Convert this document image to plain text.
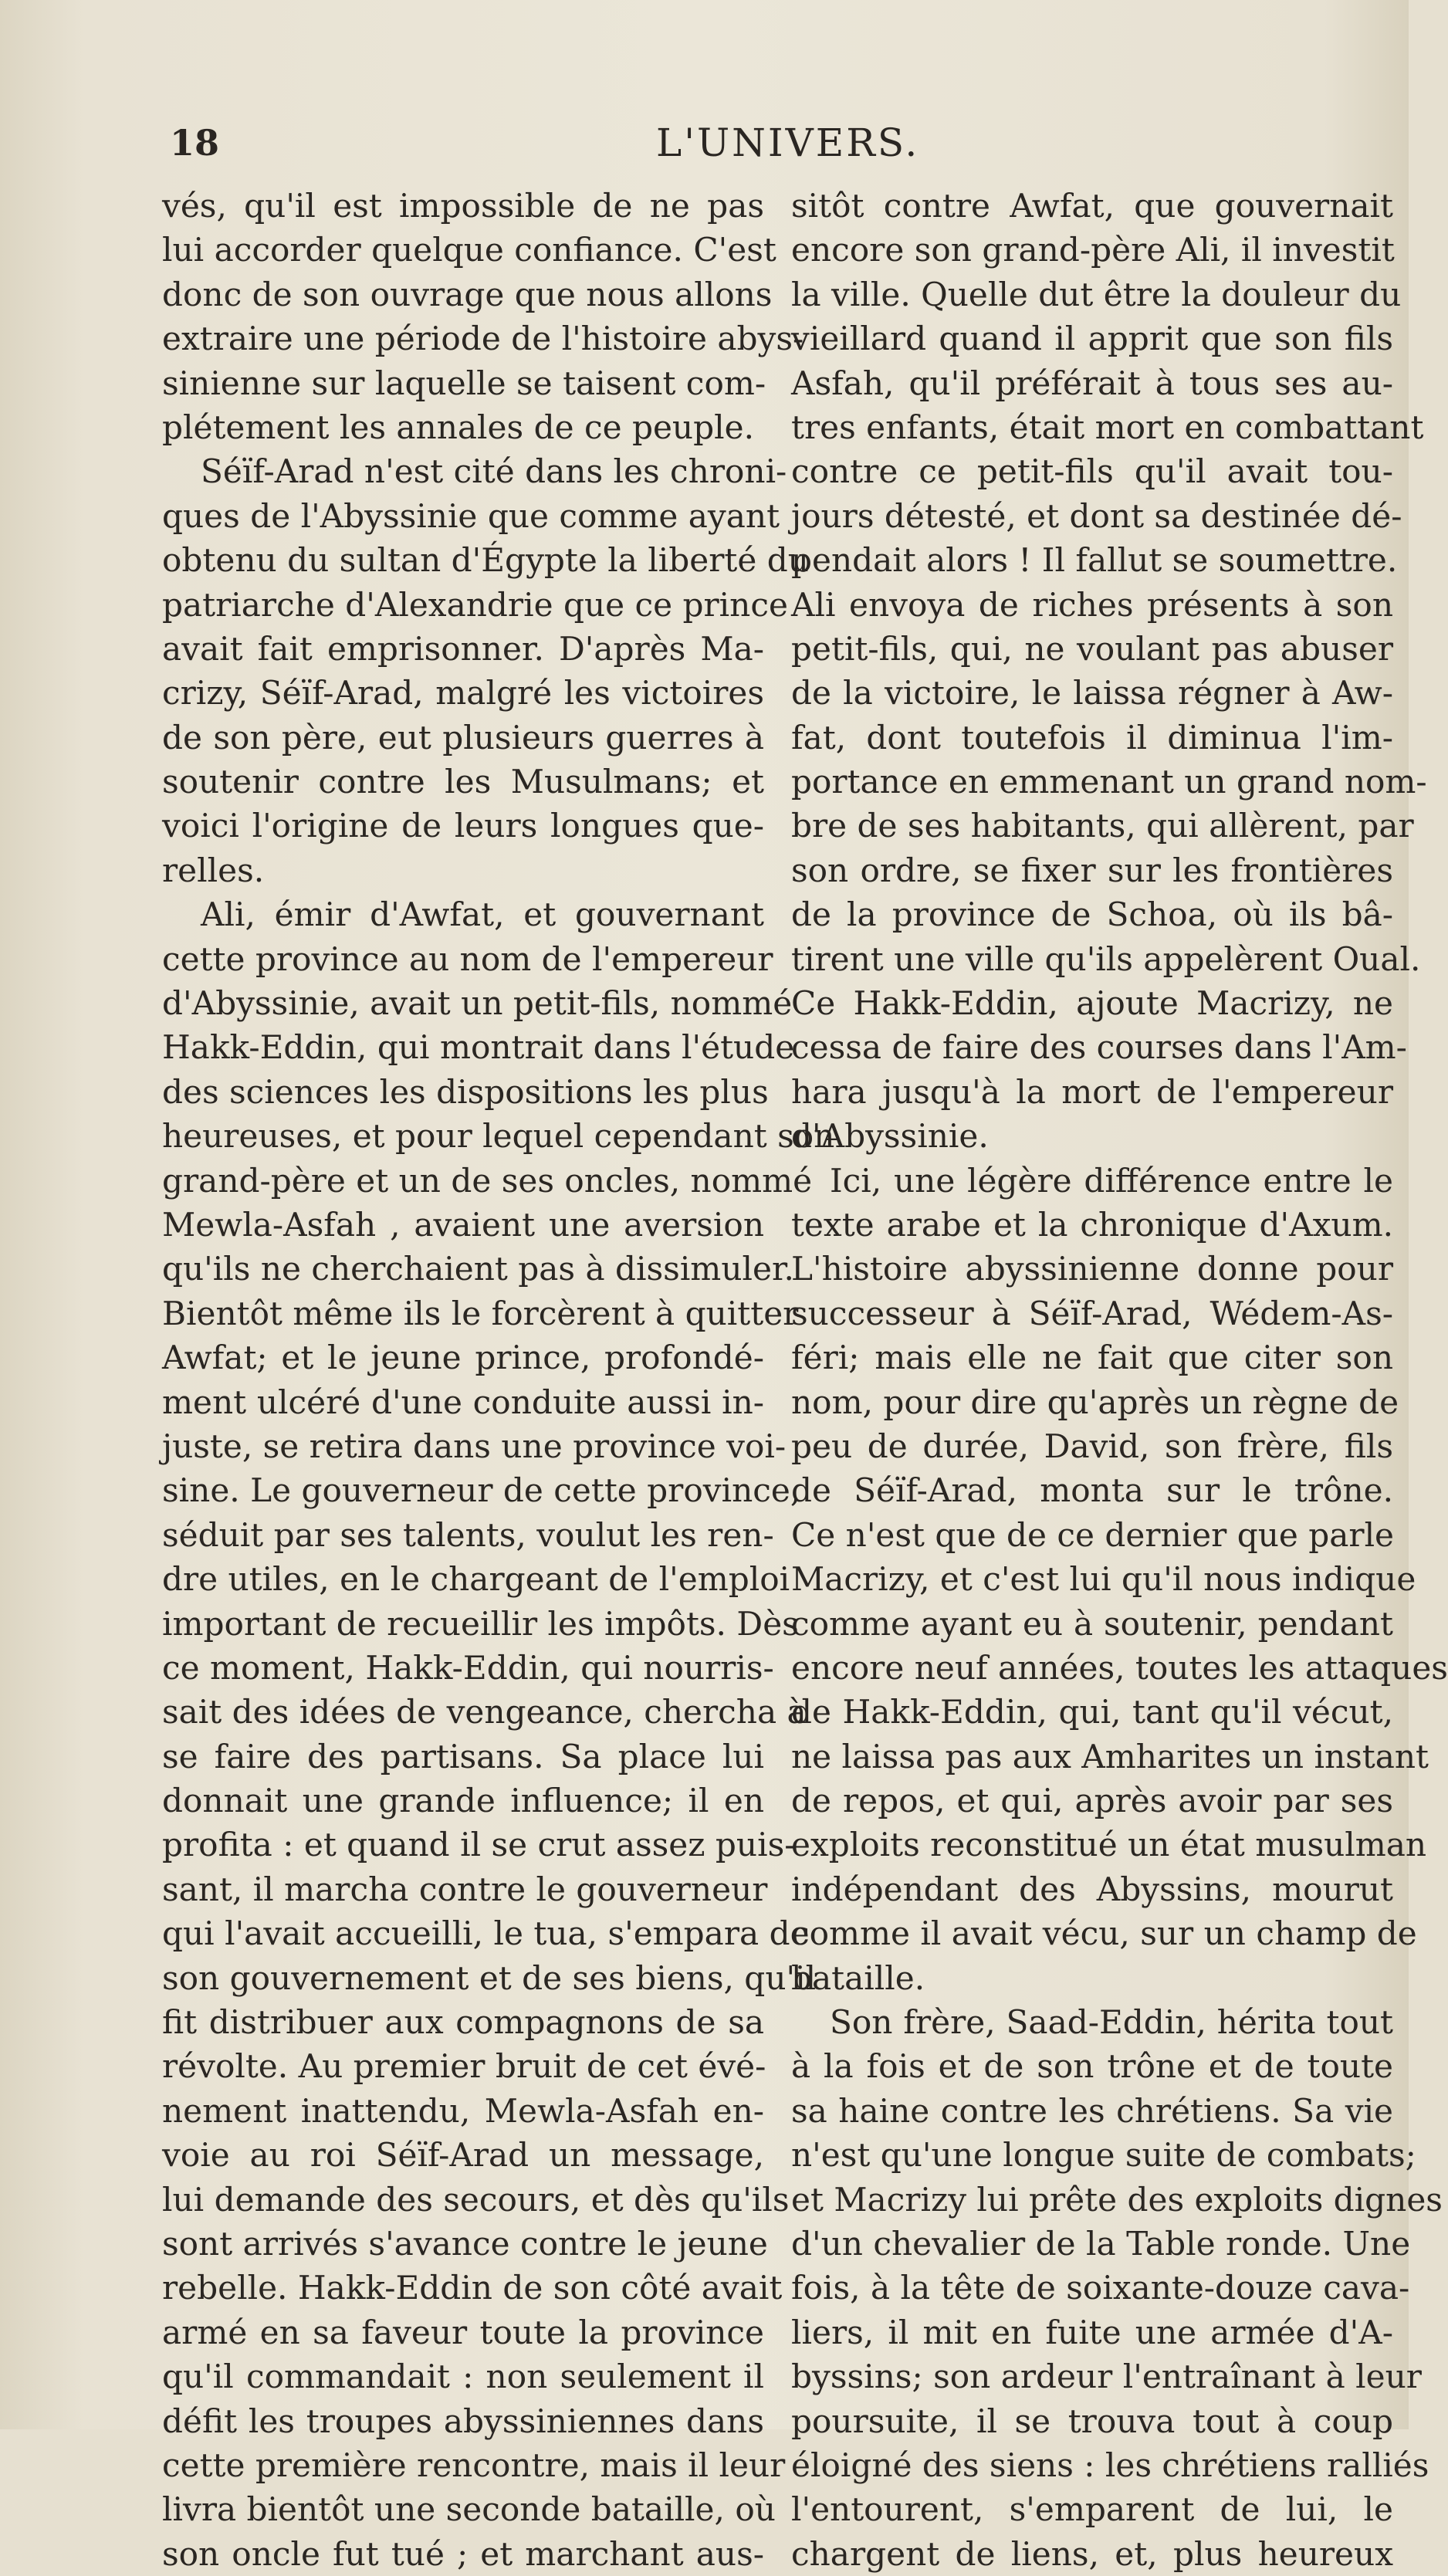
18	L'UNIVERS.
vés, qu'il est impossible de ne pas
lui accorder quelque confiance. C'est
donc de son ouvrage que nous allons
extraire une période de l'histoire abys-
sinienne sur laquelle se taisent com-
plétement les annales de ce peuple.
Séïf-Arad n'est cité dans les chroni-
ques de l'Abyssinie que comme ayant
obtenu du sultan d'Égypte la liberté du
patriarche d'Alexandrie que ce prince
avait fait emprisonner. D'après Ma-
crizy, Séïf-Arad, malgré les victoires
de son père, eut plusieurs guerres à
soutenir contre les Musulmans; et
voici l'origine de leurs longues que-
relles.
Ali, émir d'Awfat, et gouvernant
cette province au nom de l'empereur
d'Abyssinie, avait un petit-fils, nommé
Hakk-Eddin, qui montrait dans l'étude
des sciences les dispositions les plus
heureuses, et pour lequel cependant son
grand-père et un de ses oncles, nommé
Mewla-Asfah , avaient une aversion
qu'ils ne cherchaient pas à dissimuler.
Bientôt même ils le forcèrent à quitter
Awfat; et le jeune prince, profondé-
ment ulcéré d'une conduite aussi in-
juste, se retira dans une province voi-
sine. Le gouverneur de cette province,
séduit par ses talents, voulut les ren-
dre utiles, en le chargeant de l'emploi
important de recueillir les impôts. Dès
ce moment, Hakk-Eddin, qui nourris-
sait des idées de vengeance, chercha à
se faire des partisans. Sa place lui
donnait une grande influence; il en
profita : et quand il se crut assez puis-
sant, il marcha contre le gouverneur
qui l'avait accueilli, le tua, s'empara de
son gouvernement et de ses biens, qu'il
fit distribuer aux compagnons de sa
révolte. Au premier bruit de cet évé-
nement inattendu, Mewla-Asfah en-
voie au roi Séïf-Arad un message,
lui demande des secours, et dès qu'ils
sont arrivés s'avance contre le jeune
rebelle. Hakk-Eddin de son côté avait
armé en sa faveur toute la province
qu'il commandait : non seulement il
défit les troupes abyssiniennes dans
cette première rencontre, mais il leur
livra bientôt une seconde bataille, où
son oncle fut tué ; et marchant aus-
sitôt contre Awfat, que gouvernait
encore son grand-père Ali, il investit
la ville. Quelle dut être la douleur du
vieillard quand il apprit que son fils
Asfah, qu'il préférait à tous ses au-
tres enfants, était mort en combattant
contre ce petit-fils qu'il avait tou-
jours détesté, et dont sa destinée dé-
pendait alors ! Il fallut se soumettre.
Ali envoya de riches présents à son
petit-fils, qui, ne voulant pas abuser
de la victoire, le laissa régner à Aw-
fat, dont toutefois il diminua l'im-
portance en emmenant un grand nom-
bre de ses habitants, qui allèrent, par
son ordre, se fixer sur les frontières
de la province de Schoa, où ils bâ-
tirent une ville qu'ils appelèrent Oual.
Ce Hakk-Eddin, ajoute Macrizy, ne
cessa de faire des courses dans l'Am-
hara jusqu'à la mort de l'empereur
d'Abyssinie.
Ici, une légère différence entre le
texte arabe et la chronique d'Axum.
L'histoire abyssinienne donne pour
successeur à Séïf-Arad, Wédem-As-
féri; mais elle ne fait que citer son
nom, pour dire qu'après un règne de
peu de durée, David, son frère, fils
de Séïf-Arad, monta sur le trône.
Ce n'est que de ce dernier que parle
Macrizy, et c'est lui qu'il nous indique
comme ayant eu à soutenir, pendant
encore neuf années, toutes les attaques
de Hakk-Eddin, qui, tant qu'il vécut,
ne laissa pas aux Amharites un instant
de repos, et qui, après avoir par ses
exploits reconstitué un état musulman
indépendant des Abyssins, mourut
comme il avait vécu, sur un champ de
bataille.
Son frère, Saad-Eddin, hérita tout
à la fois et de son trône et de toute
sa haine contre les chrétiens. Sa vie
n'est qu'une longue suite de combats;
et Macrizy lui prête des exploits dignes
d'un chevalier de la Table ronde. Une
fois, à la tête de soixante-douze cava-
liers, il mit en fuite une armée d'A-
byssins; son ardeur l'entraînant à leur
poursuite, il se trouva tout à coup
éloigné des siens : les chrétiens ralliés
l'entourent, s'emparent de lui, le
chargent de liens, et, plus heureux
